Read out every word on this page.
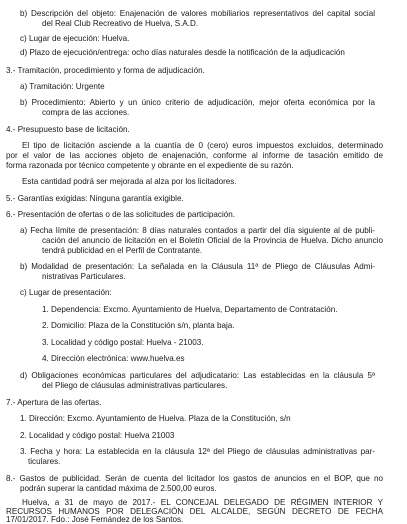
b) Descripción del objeto: Enajenación de valores mobiliarios representativos del capital social
del Real Club Recreativo de Huelva, S.A.D.
c) Lugar de ejecución: Huelva.
d) Plazo de ejecución/entrega: ocho días naturales desde la notificación de la adjudicación
3.- Tramitación, procedimiento y forma de adjudicación.
a) Tramitación: Urgente
b) Procedimiento: Abierto y un único criterio de adjudicación, mejor oferta económica por la
compra de las acciones.
4.- Presupuesto base de licitación.
El tipo de licitación asciende a la cuantía de 0 (cero) euros impuestos excluidos, determinado
por el valor de las acciones objeto de enajenación, conforme al informe de tasación emitido de
forma razonada por técnico competente y obrante en el expediente de su razón.
Esta cantidad podrá ser mejorada al alza por los licitadores.
5.- Garantías exigidas: Ninguna garantía exigible.
6.- Presentación de ofertas o de las solicitudes de participación.
a) Fecha límite de presentación: 8 días naturales contados a partir del día siguiente al de publi-
cación del anuncio de licitación en el Boletín Oficial de la Provincia de Huelva. Dicho anuncio
tendrá publicidad en el Perfil de Contratante.
b) Modalidad de presentación: La señalada en la Cláusula 11ª de Pliego de Cláusulas Admi-
nistrativas Particulares.
c) Lugar de presentación:
1. Dependencia: Excmo. Ayuntamiento de Huelva, Departamento de Contratación.
2. Domicilio: Plaza de la Constitución s/n, planta baja.
3. Localidad y código postal: Huelva - 21003.
4. Dirección electrónica: www.huelva.es
d) Obligaciones económicas particulares del adjudicatario: Las establecidas en la cláusula 5ª
del Pliego de cláusulas administrativas particulares.
7.- Apertura de las ofertas.
1. Dirección: Excmo. Ayuntamiento de Huelva. Plaza de la Constitución, s/n
2. Localidad y código postal: Huelva 21003
3. Fecha y hora: La establecida en la cláusula 12ª del Pliego de cláusulas administrativas par-
ticulares.
8.- Gastos de publicidad. Serán de cuenta del licitador los gastos de anuncios en el BOP, que no
podrán superar la cantidad máxima de 2.500,00 euros.
Huelva, a 31 de mayo de 2017.- EL CONCEJAL DELEGADO DE RÉGIMEN INTERIOR Y
RECURSOS HUMANOS POR DELEGACIÓN DEL ALCALDE, SEGÚN DECRETO DE FECHA
17/01/2017. Fdo.: José Fernández de los Santos.
